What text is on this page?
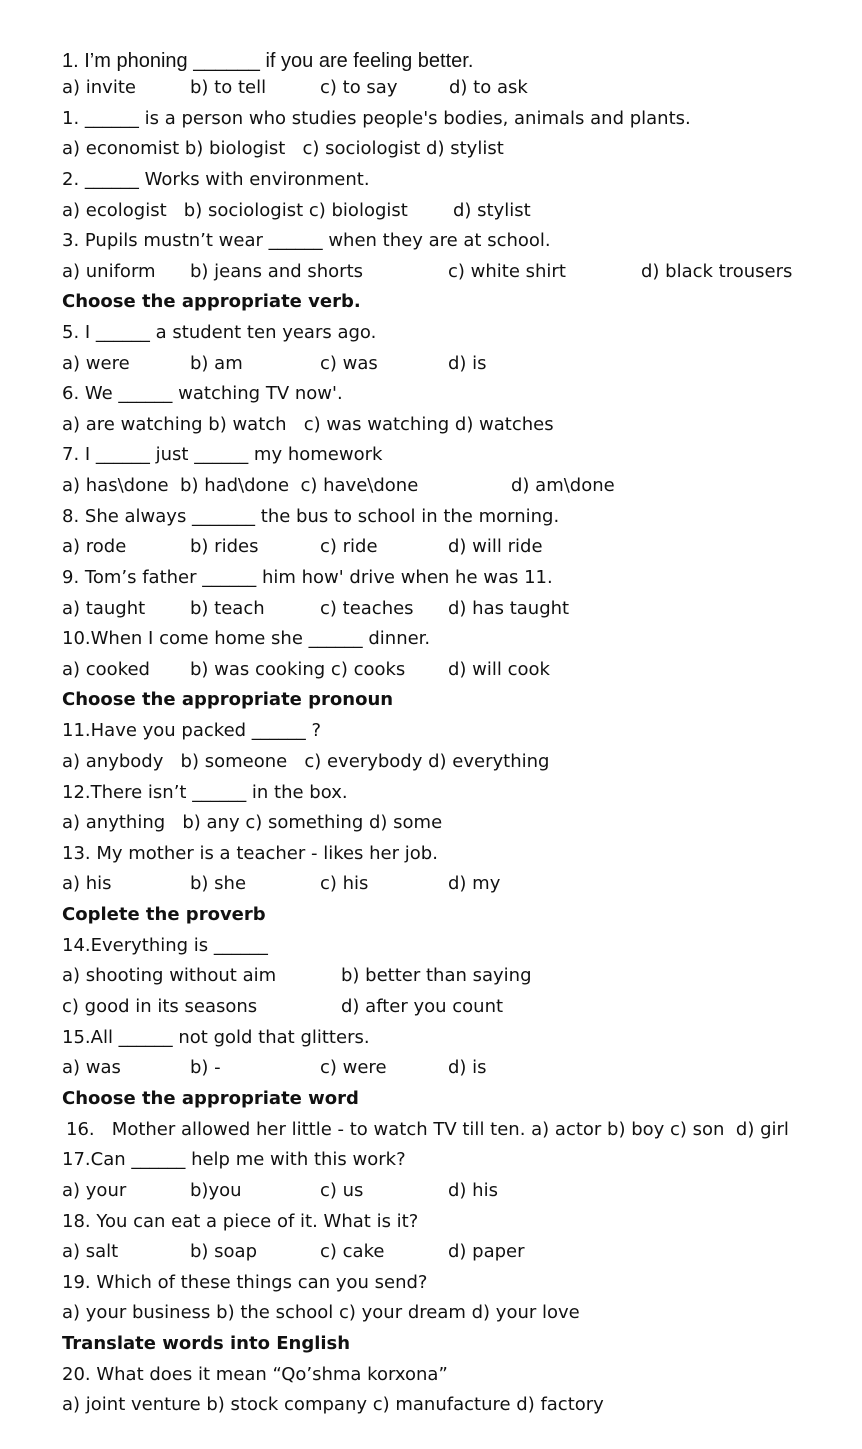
1. I’m phoning ______ if you are feeling better.

a) invite

	b) to tell

	c) to say

	d) to ask

1. ______ is a person who studies people's bodies, animals and plants.
a) economist b) biologist   c) sociologist d) stylist
2. ______ Works with environment.

a) ecologist   b) sociologist c) biologist

	d) stylist

3. Pupils mustn’t wear ______ when they are at school.

a) uniform

b) jeans and shorts

	c) white shirt

	d) black trousers

Choose the appropriate verb.
5. I ______ a student ten years ago.

a) were

	b) am

	c) was

	d) is

6. We ______ watching TV now'.
a) are watching b) watch   c) was watching d) watches
7. I ______ just ______ my homework

a) has\done  b) had\done  c) have\done

	d) am\done

8. She always _______ the bus to school in the morning.

a) rode

	b) rides

	c) ride

	d) will ride

9. Tom’s father ______ him how' drive when he was 11.

a) taught

b) teach

	c) teaches

d) has taught

10.When I come home she ______ dinner.

a) cooked

b) was cooking c) cooks

d) will cook

Choose the appropriate pronoun
11.Have you packed ______ ?
a) anybody   b) someone   c) everybody d) everything
12.There isn’t ______ in the box.
a) anything   b) any c) something d) some
13. My mother is a teacher - likes her job.

a) his

	b) she

	c) his

	d) my

Coplete the proverb
14.Everything is ______

a) shooting without aim

	b) better than saying

c) good in its seasons

	d) after you count

15.All ______ not gold that glitters.

a) was

	b) -

	c) were

	d) is

Choose the appropriate word
16.   Mother allowed her little - to watch TV till ten. a) actor b) boy c) son  d) girl
17.Can ______ help me with this work?

a) your

	b)you

	c) us

	d) his

18. You can eat a piece of it. What is it?

a) salt

	b) soap

	c) cake

	d) paper

19. Which of these things can you send?
a) your business b) the school c) your dream d) your love
Translate words into English
20. What does it mean “Qo’shma korxona”
a) joint venture b) stock company c) manufacture d) factory
